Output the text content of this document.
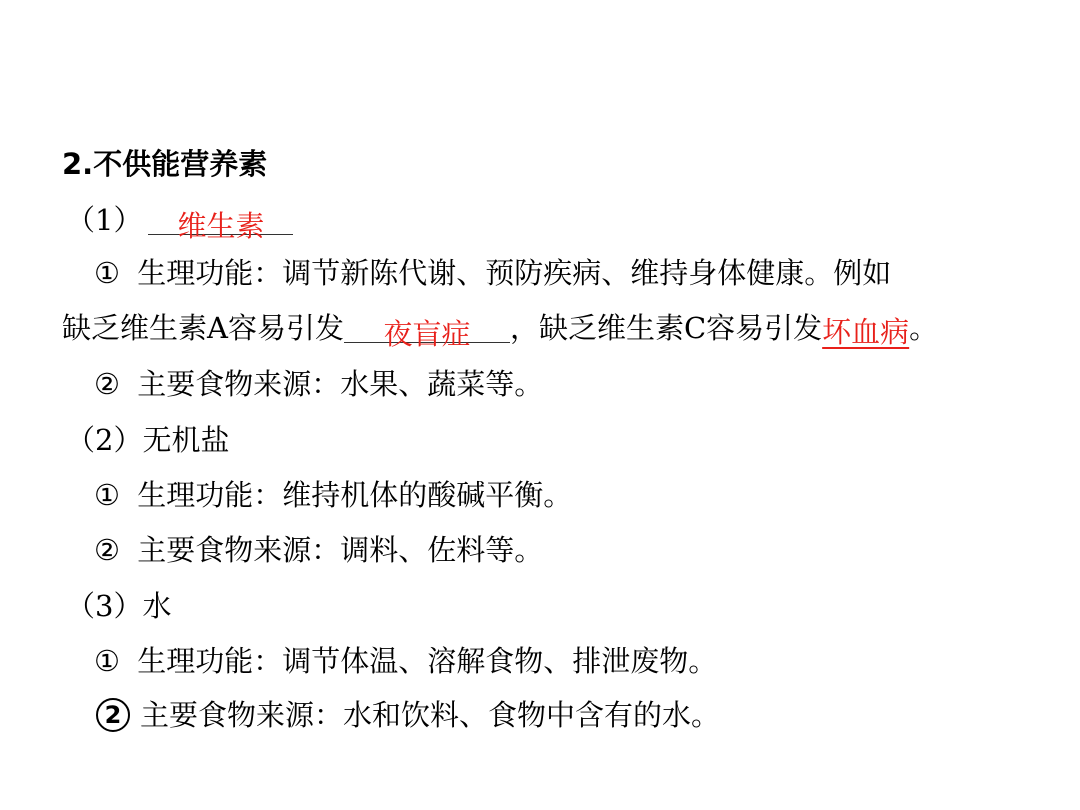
2.不供能营养素
（1） 维生素
① 生理功能：调节新陈代谢、预防疾病、维持身体健康。例如
缺乏维生素A容易引发 夜盲症 ，缺乏维生素C容易引发坏血病。
② 主要食物来源：水果、蔬菜等。
（2）无机盐
① 生理功能：维持机体的酸碱平衡。
② 主要食物来源：调料、佐料等。
（3）水
① 生理功能：调节体温、溶解食物、排泄废物。
2 主要食物来源：水和饮料、食物中含有的水。
